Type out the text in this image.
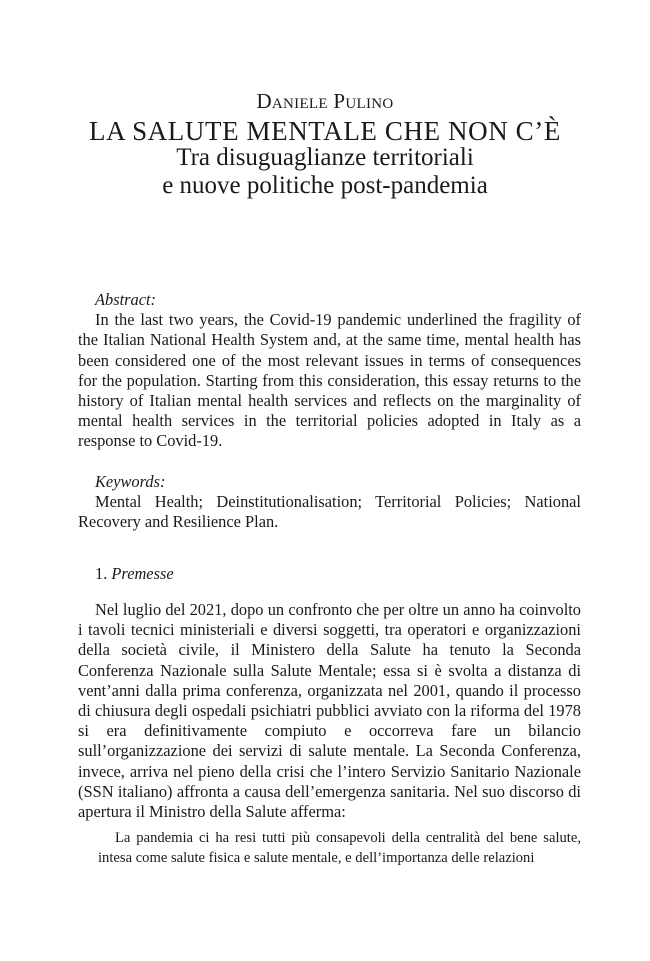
Daniele Pulino
LA SALUTE MENTALE CHE NON C’È
Tra disuguaglianze territoriali
e nuove politiche post-pandemia
Abstract:

In the last two years, the Covid-19 pandemic underlined the fragility of the Italian National Health System and, at the same time, mental health has been considered one of the most relevant issues in terms of consequences for the population. Starting from this consideration, this essay returns to the history of Italian mental health services and reflects on the marginality of mental health services in the territorial policies adopted in Italy as a response to Covid-19.

Keywords:

Mental Health; Deinstitutionalisation; Territorial Policies; National Recovery and Resilience Plan.

1. Premesse

Nel luglio del 2021, dopo un confronto che per oltre un anno ha coinvolto i tavoli tecnici ministeriali e diversi soggetti, tra operatori e organizzazioni della società civile, il Ministero della Salute ha tenuto la Seconda Conferenza Nazionale sulla Salute Mentale; essa si è svolta a distanza di vent’anni dalla prima conferenza, organizzata nel 2001, quando il processo di chiusura degli ospedali psichiatri pubblici avviato con la riforma del 1978 si era definitivamente compiuto e occorreva fare un bilancio sull’organizzazione dei servizi di salute mentale. La Seconda Conferenza, invece, arriva nel pieno della crisi che l’intero Servizio Sanitario Nazionale (SSN italiano) affronta a causa dell’emergenza sanitaria. Nel suo discorso di apertura il Ministro della Salute afferma:

La pandemia ci ha resi tutti più consapevoli della centralità del bene salute, intesa come salute fisica e salute mentale, e dell’importanza delle relazioni
